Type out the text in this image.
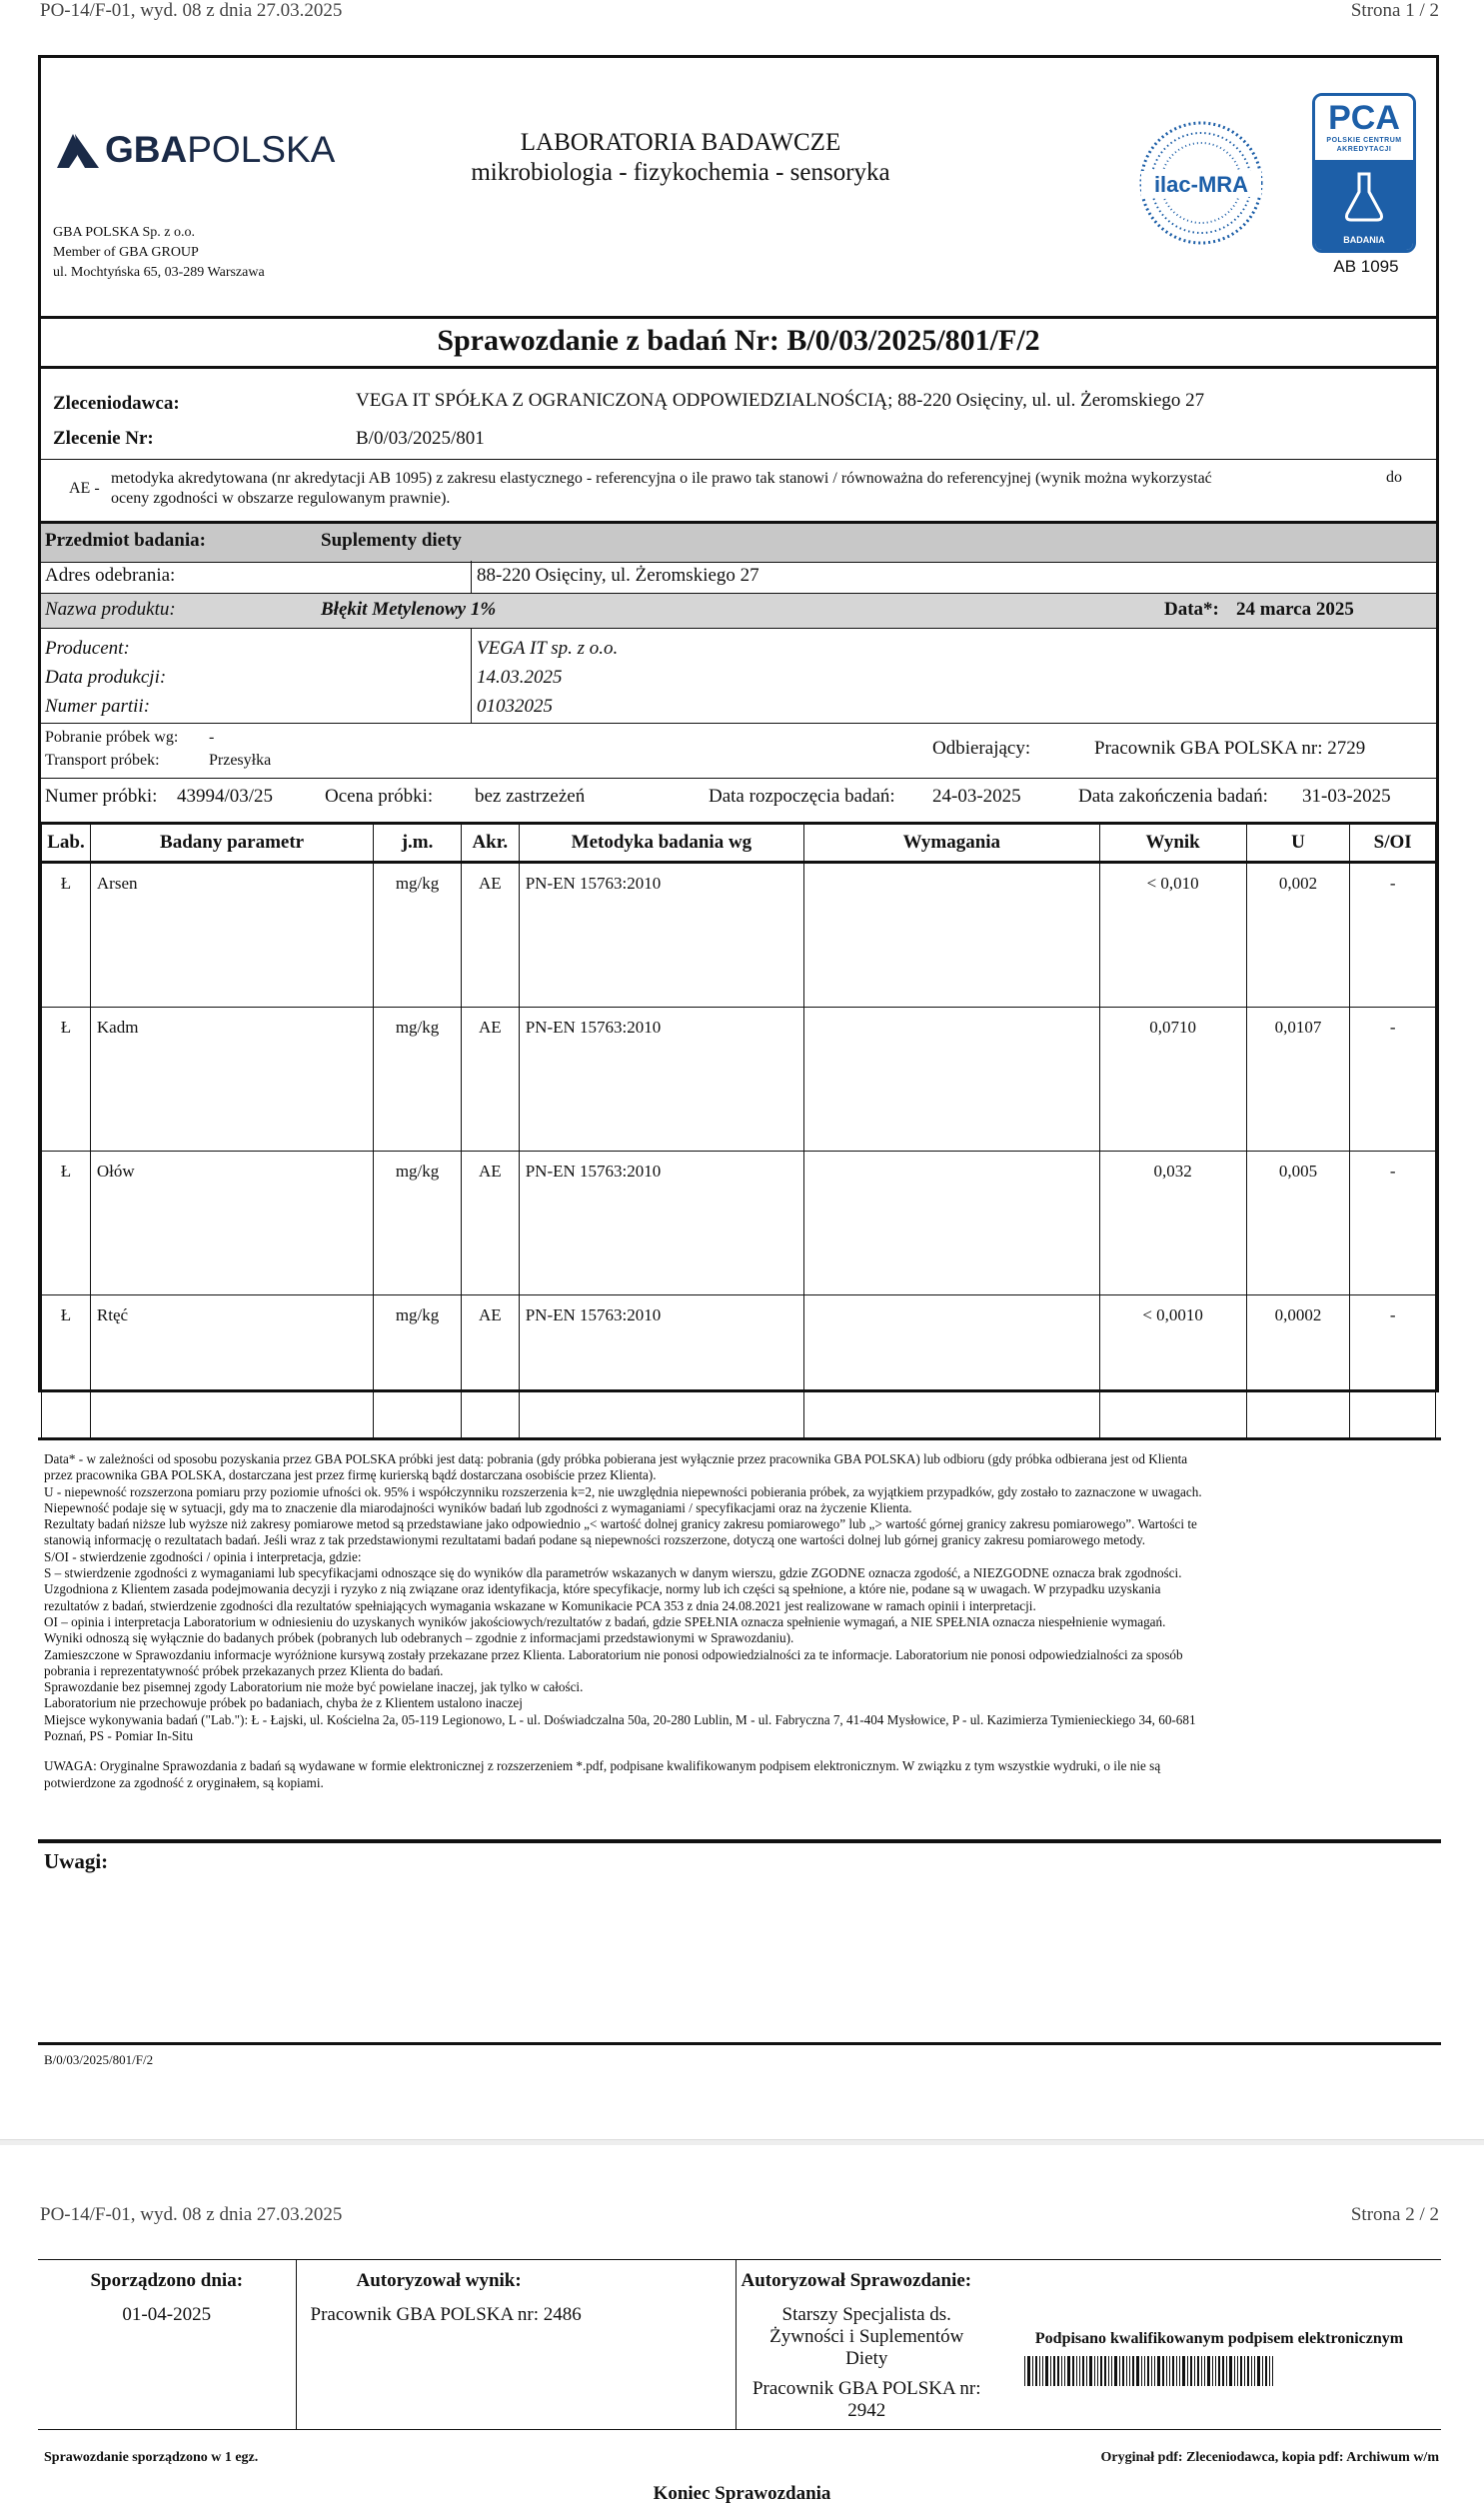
PO-14/F-01, wyd. 08 z dnia 27.03.2025	Strona 1 / 2
GBAPOLSKA
GBA POLSKA Sp. z o.o.
Member of GBA GROUP
ul. Mochtyńska 65, 03-289 Warszawa
LABORATORIA BADAWCZE
mikrobiologia - fizykochemia - sensoryka	ilac-MRA
PCA
POLSKIE CENTRUM AKREDYTACJI
BADANIA
AB 1095
Sprawozdanie z badań Nr: B/0/03/2025/801/F/2
Zleceniodawca:	VEGA IT SPÓŁKA Z OGRANICZONĄ ODPOWIEDZIALNOŚCIĄ; 88-220 Osięciny, ul. ul. Żeromskiego 27
Zlecenie Nr:	B/0/03/2025/801
AE -
metodyka akredytowana (nr akredytacji AB 1095) z zakresu elastycznego - referencyjna o ile prawo tak stanowi / równoważna do referencyjnej (wynik można wykorzystać
oceny zgodności w obszarze regulowanym prawnie).
do
Przedmiot badania:	Suplementy diety
Adres odebrania:	88-220 Osięciny, ul. Żeromskiego 27
Nazwa produktu:	Błękit Metylenowy 1%	Data*: 24 marca 2025
Producent:	VEGA IT sp. z o.o.
Data produkcji:	14.03.2025
Numer partii:	01032025
Pobranie próbek wg: -
Transport próbek:	Przesyłka
Odbierający:	Pracownik GBA POLSKA nr: 2729
Numer próbki: 43994/03/25	Ocena próbki: bez zastrzeżeń	Data rozpoczęcia badań: 24-03-2025	Data zakończenia badań: 31-03-2025
Lab.	Badany parametr	j.m.	Akr.	Metodyka badania wg	Wymagania	Wynik	U	S/OI
Ł	Arsen	mg/kg	AE	PN-EN 15763:2010		< 0,010	0,002	-
Ł	Kadm	mg/kg	AE	PN-EN 15763:2010		0,0710	0,0107	-
Ł	Ołów	mg/kg	AE	PN-EN 15763:2010		0,032	0,005	-
Ł	Rtęć	mg/kg	AE	PN-EN 15763:2010		< 0,0010	0,0002	-

Data* - w zależności od sposobu pozyskania przez GBA POLSKA próbki jest datą: pobrania (gdy próbka pobierana jest wyłącznie przez pracownika GBA POLSKA) lub odbioru (gdy próbka odbierana jest od Klienta

przez pracownika GBA POLSKA, dostarczana jest przez firmę kurierską bądź dostarczana osobiście przez Klienta).

U - niepewność rozszerzona pomiaru przy poziomie ufności ok. 95% i współczynniku rozszerzenia k=2, nie uwzględnia niepewności pobierania próbek, za wyjątkiem przypadków, gdy zostało to zaznaczone w uwagach.

Niepewność podaje się w sytuacji, gdy ma to znaczenie dla miarodajności wyników badań lub zgodności z wymaganiami / specyfikacjami oraz na życzenie Klienta.

Rezultaty badań niższe lub wyższe niż zakresy pomiarowe metod są przedstawiane jako odpowiednio „< wartość dolnej granicy zakresu pomiarowego” lub „> wartość górnej granicy zakresu pomiarowego”. Wartości te

stanowią informację o rezultatach badań. Jeśli wraz z tak przedstawionymi rezultatami badań podane są niepewności rozszerzone, dotyczą one wartości dolnej lub górnej granicy zakresu pomiarowego metody.

S/OI - stwierdzenie zgodności / opinia i interpretacja, gdzie:

S – stwierdzenie zgodności z wymaganiami lub specyfikacjami odnoszące się do wyników dla parametrów wskazanych w danym wierszu, gdzie ZGODNE oznacza zgodość, a NIEZGODNE oznacza brak zgodności.

Uzgodniona z Klientem zasada podejmowania decyzji i ryzyko z nią związane oraz identyfikacja, które specyfikacje, normy lub ich części są spełnione, a które nie, podane są w uwagach. W przypadku uzyskania

rezultatów z badań, stwierdzenie zgodności dla rezultatów spełniających wymagania wskazane w Komunikacie PCA 353 z dnia 24.08.2021 jest realizowane w ramach opinii i interpretacji.

OI – opinia i interpretacja Laboratorium w odniesieniu do uzyskanych wyników jakościowych/rezultatów z badań, gdzie SPEŁNIA oznacza spełnienie wymagań, a NIE SPEŁNIA oznacza niespełnienie wymagań.

Wyniki odnoszą się wyłącznie do badanych próbek (pobranych lub odebranych – zgodnie z informacjami przedstawionymi w Sprawozdaniu).

Zamieszczone w Sprawozdaniu informacje wyróżnione kursywą zostały przekazane przez Klienta. Laboratorium nie ponosi odpowiedzialności za te informacje. Laboratorium nie ponosi odpowiedzialności za sposób

pobrania i reprezentatywność próbek przekazanych przez Klienta do badań.

Sprawozdanie bez pisemnej zgody Laboratorium nie może być powielane inaczej, jak tylko w całości.

Laboratorium nie przechowuje próbek po badaniach, chyba że z Klientem ustalono inaczej

Miejsce wykonywania badań ("Lab."): Ł - Łajski, ul. Kościelna 2a, 05-119 Legionowo, L - ul. Doświadczalna 50a, 20-280 Lublin, M - ul. Fabryczna 7, 41-404 Mysłowice, P - ul. Kazimierza Tymienieckiego 34, 60-681

Poznań, PS - Pomiar In-Situ

UWAGA: Oryginalne Sprawozdania z badań są wydawane w formie elektronicznej z rozszerzeniem *.pdf, podpisane kwalifikowanym podpisem elektronicznym. W związku z tym wszystkie wydruki, o ile nie są

potwierdzone za zgodność z oryginałem, są kopiami.

Uwagi:
B/0/03/2025/801/F/2
PO-14/F-01, wyd. 08 z dnia 27.03.2025	Strona 2 / 2
Sporządzono dnia:
01-04-2025

Autoryzował wynik:
Pracownik GBA POLSKA nr: 2486

Autoryzował Sprawozdanie:
Starszy Specjalista ds.
Żywności i Suplementów
Diety
Pracownik GBA POLSKA nr:
2942

Podpisano kwalifikowanym podpisem elektronicznym
Sprawozdanie sporządzono w 1 egz.	Oryginał pdf: Zleceniodawca, kopia pdf: Archiwum w/m
Koniec Sprawozdania
